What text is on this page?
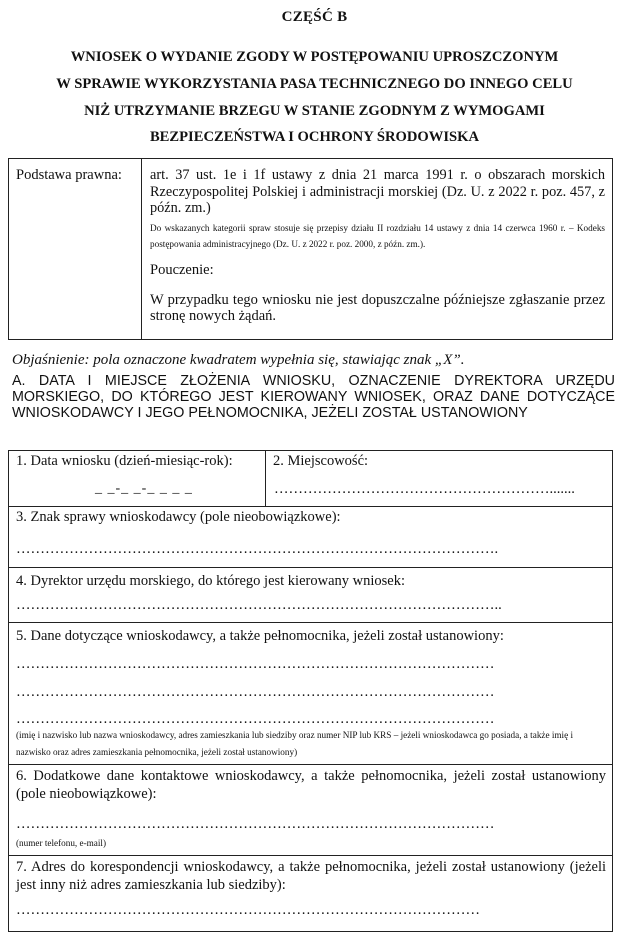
CZĘŚĆ B
WNIOSEK O WYDANIE ZGODY W POSTĘPOWANIU UPROSZCZONYM
W SPRAWIE WYKORZYSTANIA PASA TECHNICZNEGO DO INNEGO CELU
NIŻ UTRZYMANIE BRZEGU W STANIE ZGODNYM Z WYMOGAMI
BEZPIECZEŃSTWA I OCHRONY ŚRODOWISKA
Podstawa prawna: art. 37 ust. 1e i 1f ustawy z dnia 21 marca 1991 r. o obszarach morskich Rzeczypospolitej Polskiej i administracji morskiej (Dz. U. z 2022 r. poz. 457, z późn. zm.)
Do wskazanych kategorii spraw stosuje się przepisy działu II rozdziału 14 ustawy z dnia 14 czerwca 1960 r. – Kodeks postępowania administracyjnego (Dz. U. z 2022 r. poz. 2000, z późn. zm.).
Pouczenie:
W przypadku tego wniosku nie jest dopuszczalne późniejsze zgłaszanie przez stronę nowych żądań.
Objaśnienie: pola oznaczone kwadratem wypełnia się, stawiając znak „X”.
A. DATA I MIEJSCE ZŁOŻENIA WNIOSKU, OZNACZENIE DYREKTORA URZĘDU MORSKIEGO, DO KTÓREGO JEST KIEROWANY WNIOSEK, ORAZ DANE DOTYCZĄCE WNIOSKODAWCY I JEGO PEŁNOMOCNIKA, JEŻELI ZOSTAŁ USTANOWIONY
1. Data wniosku (dzień-miesiąc-rok):
_ _-_ _-_ _ _ _
2. Miejscowość:
………………………………………………….......
3. Znak sprawy wnioskodawcy (pole nieobowiązkowe):
……………………………………………………………………………………….
4. Dyrektor urzędu morskiego, do którego jest kierowany wniosek:
………………………………………………………………………………………..
5. Dane dotyczące wnioskodawcy, a także pełnomocnika, jeżeli został ustanowiony:
………………………………………………………………………………………
………………………………………………………………………………………
………………………………………………………………………………………
(imię i nazwisko lub nazwa wnioskodawcy, adres zamieszkania lub siedziby oraz numer NIP lub KRS – jeżeli wnioskodawca go posiada, a także imię i nazwisko oraz adres zamieszkania pełnomocnika, jeżeli został ustanowiony)
6. Dodatkowe dane kontaktowe wnioskodawcy, a także pełnomocnika, jeżeli został ustanowiony (pole nieobowiązkowe):
………………………………………………………………………………………
(numer telefonu, e-mail)
7. Adres do korespondencji wnioskodawcy, a także pełnomocnika, jeżeli został ustanowiony (jeżeli jest inny niż adres zamieszkania lub siedziby):
……………………………………………………………………………………
